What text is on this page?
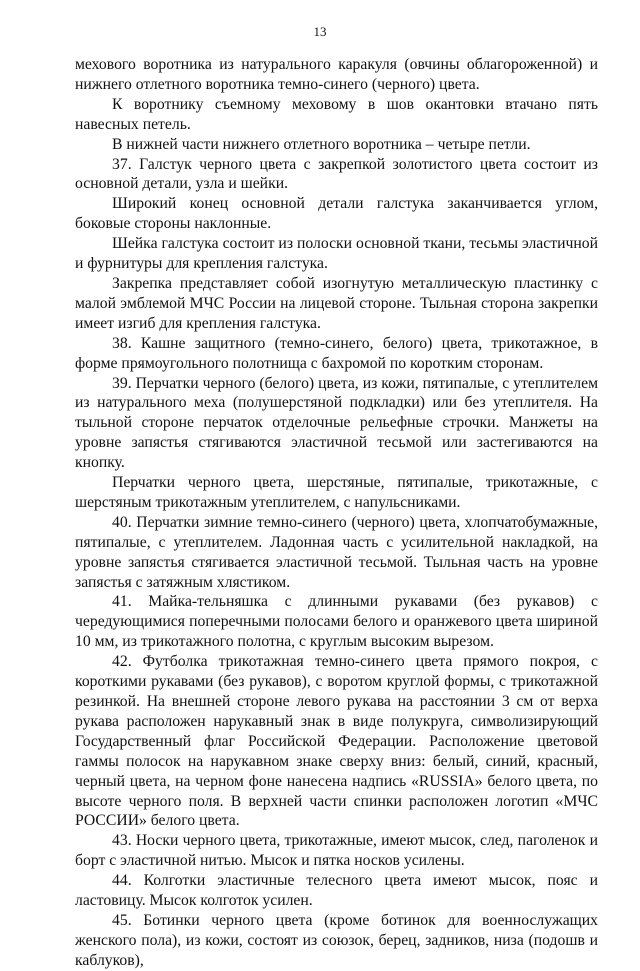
13

мехового воротника из натурального каракуля (овчины облагороженной) и нижнего отлетного воротника темно-синего (черного) цвета.

К воротнику съемному меховому в шов окантовки втачано пять навесных петель.

В нижней части нижнего отлетного воротника – четыре петли.

37. Галстук черного цвета с закрепкой золотистого цвета состоит из основной детали, узла и шейки.

Широкий конец основной детали галстука заканчивается углом, боковые стороны наклонные.

Шейка галстука состоит из полоски основной ткани, тесьмы эластичной и фурнитуры для крепления галстука.

Закрепка представляет собой изогнутую металлическую пластинку с малой эмблемой МЧС России на лицевой стороне. Тыльная сторона закрепки имеет изгиб для крепления галстука.

38. Кашне защитного (темно-синего, белого) цвета, трикотажное, в форме прямоугольного полотнища с бахромой по коротким сторонам.

39. Перчатки черного (белого) цвета, из кожи, пятипалые, с утеплителем из натурального меха (полушерстяной подкладки) или без утеплителя. На тыльной стороне перчаток отделочные рельефные строчки. Манжеты на уровне запястья стягиваются эластичной тесьмой или застегиваются на кнопку.

Перчатки черного цвета, шерстяные, пятипалые, трикотажные, с шерстяным трикотажным утеплителем, с напульсниками.

40. Перчатки зимние темно-синего (черного) цвета, хлопчатобумажные, пятипалые, с утеплителем. Ладонная часть с усилительной накладкой, на уровне запястья стягивается эластичной тесьмой. Тыльная часть на уровне запястья с затяжным хлястиком.

41. Майка-тельняшка с длинными рукавами (без рукавов) с чередующимися поперечными полосами белого и оранжевого цвета шириной 10 мм, из трикотажного полотна, с круглым высоким вырезом.

42. Футболка трикотажная темно-синего цвета прямого покроя, с короткими рукавами (без рукавов), с воротом круглой формы, с трикотажной резинкой. На внешней стороне левого рукава на расстоянии 3 см от верха рукава расположен нарукавный знак в виде полукруга, символизирующий Государственный флаг Российской Федерации. Расположение цветовой гаммы полосок на нарукавном знаке сверху вниз: белый, синий, красный, черный цвета, на черном фоне нанесена надпись «RUSSIA» белого цвета, по высоте черного поля. В верхней части спинки расположен логотип «МЧС РОССИИ» белого цвета.

43. Носки черного цвета, трикотажные, имеют мысок, след, паголенок и борт с эластичной нитью. Мысок и пятка носков усилены.

44. Колготки эластичные телесного цвета имеют мысок, пояс и ластовицу. Мысок колготок усилен.

45. Ботинки черного цвета (кроме ботинок для военнослужащих женского пола), из кожи, состоят из союзок, берец, задников, низа (подошв и каблуков),
